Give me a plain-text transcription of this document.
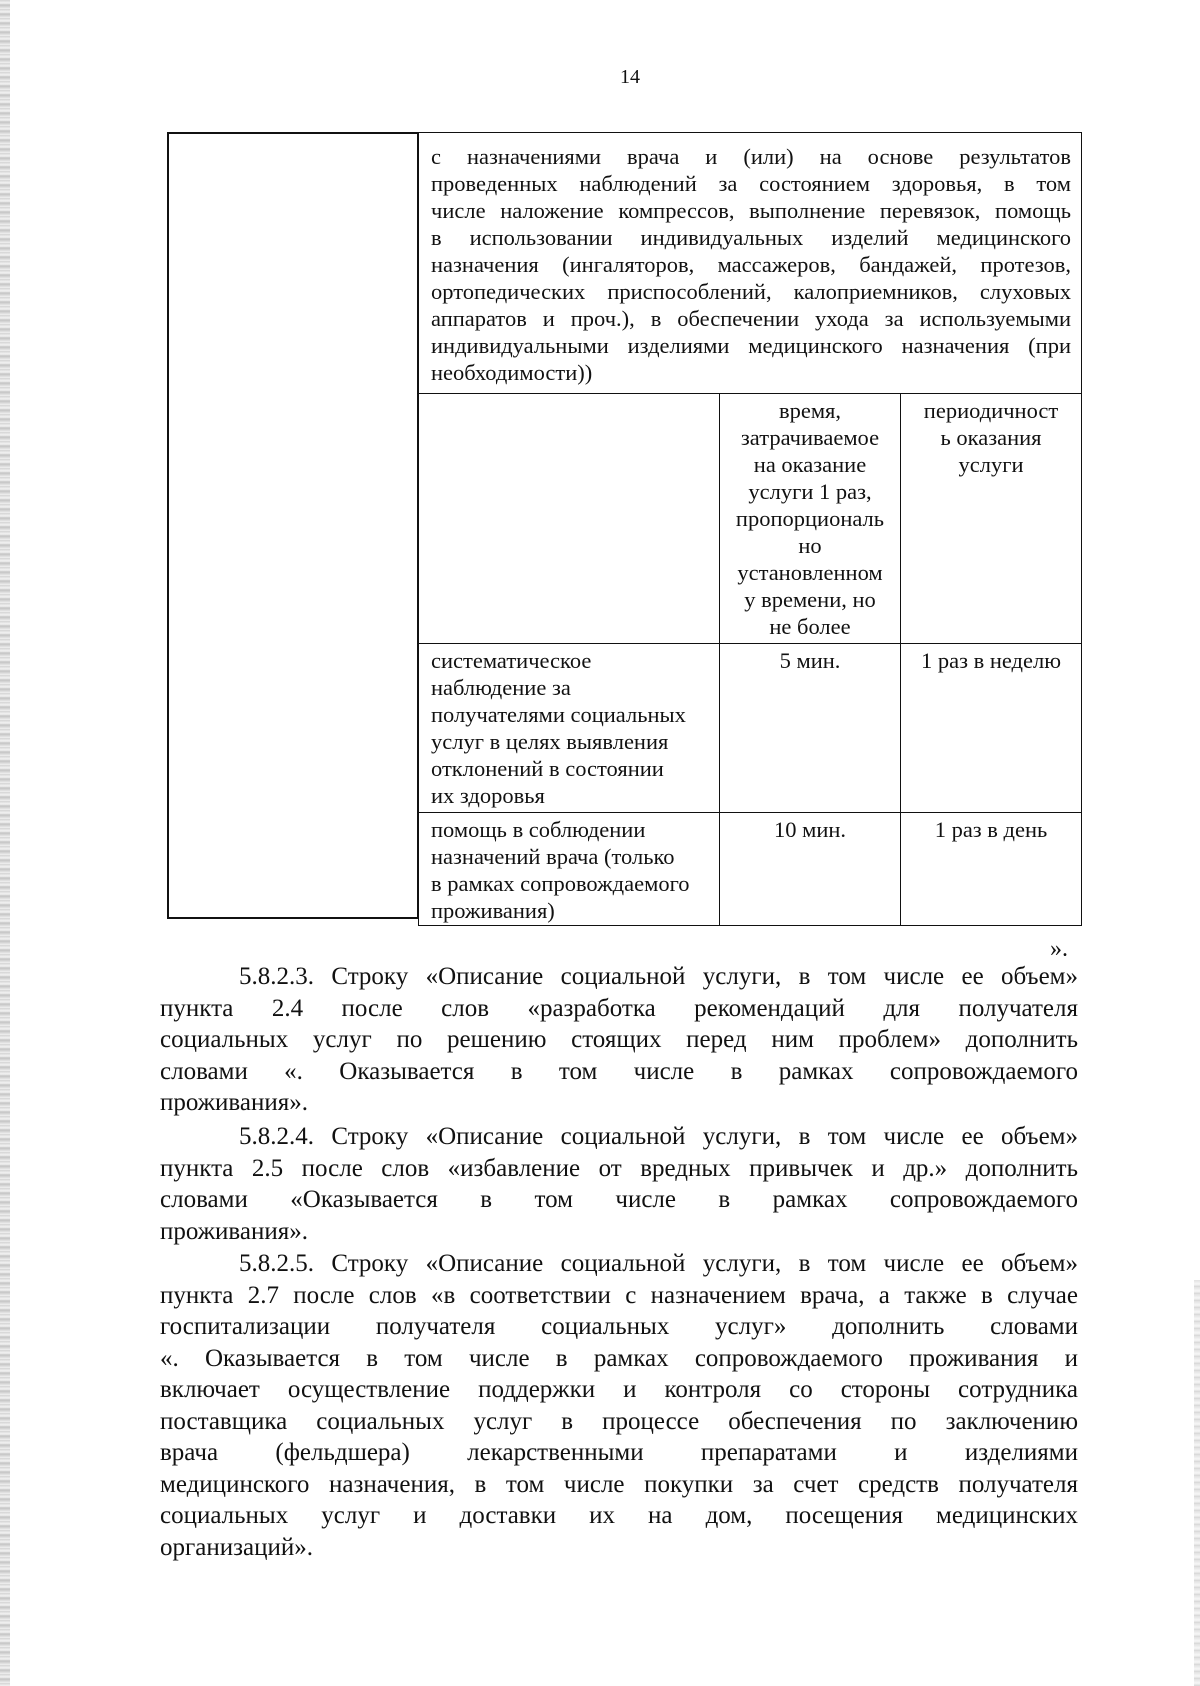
14

с назначениями врача и (или) на основе результатов

проведенных наблюдений за состоянием здоровья, в том

числе наложение компрессов, выполнение перевязок, помощь

в использовании индивидуальных изделий медицинского

назначения (ингаляторов, массажеров, бандажей, протезов,

ортопедических приспособлений, калоприемников, слуховых

аппаратов и проч.), в обеспечении ухода за используемыми

индивидуальными изделиями медицинского назначения (при

необходимости))

время,
затрачиваемое
на оказание
услуги 1 раз,
пропорциональ
но
установленном
у времени, но
не более
периодичност
ь оказания
услуги
систематическое
наблюдение за
получателями социальных
услуг в целях выявления
отклонений в состоянии
их здоровья
5 мин.	1 раз в неделю
помощь в соблюдении
назначений врача (только
в рамках сопровождаемого
проживания)
10 мин.	1 раз в день
».
5.8.2.3. Строку «Описание социальной услуги, в том числе ее объем»
пункта 2.4 после слов «разработка рекомендаций для получателя
социальных услуг по решению стоящих перед ним проблем» дополнить
словами «. Оказывается в том числе в рамках сопровождаемого
проживания».
5.8.2.4. Строку «Описание социальной услуги, в том числе ее объем»
пункта 2.5 после слов «избавление от вредных привычек и др.» дополнить
словами «Оказывается в том числе в рамках сопровождаемого
проживания».
5.8.2.5. Строку «Описание социальной услуги, в том числе ее объем»
пункта 2.7 после слов «в соответствии с назначением врача, а также в случае
госпитализации получателя социальных услуг» дополнить словами
«. Оказывается в том числе в рамках сопровождаемого проживания и
включает осуществление поддержки и контроля со стороны сотрудника
поставщика социальных услуг в процессе обеспечения по заключению
врача (фельдшера) лекарственными препаратами и изделиями
медицинского назначения, в том числе покупки за счет средств получателя
социальных услуг и доставки их на дом, посещения медицинских
организаций».
